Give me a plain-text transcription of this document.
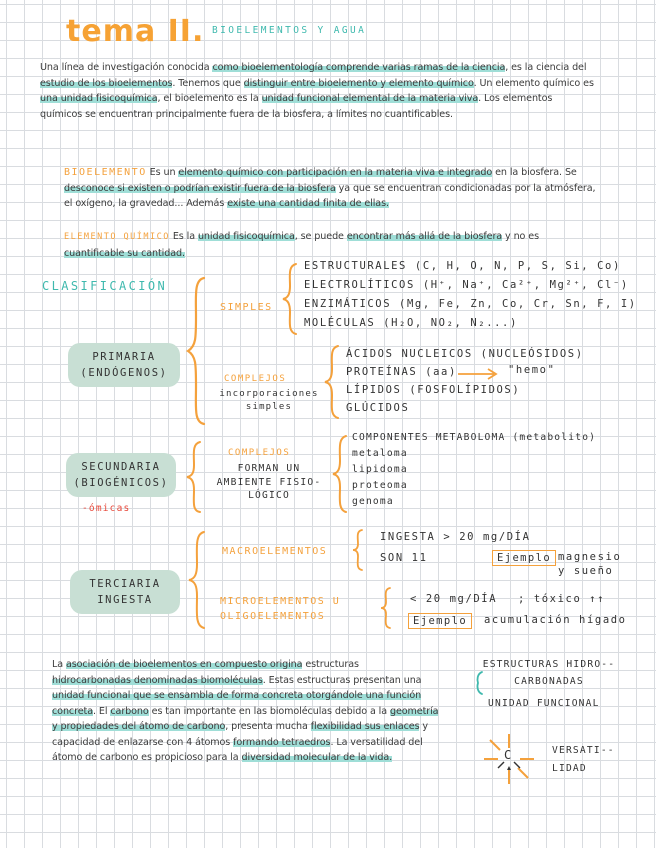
tema II. BIOELEMENTOS Y AGUA
Una línea de investigación conocida como bioelementología comprende varias ramas de la ciencia, es la ciencia del estudio de los bioelementos. Tenemos que distinguir entre bioelemento y elemento químico. Un elemento químico es una unidad fisicoquímica, el bioelemento es la unidad funcional elemental de la materia viva. Los elementos químicos se encuentran principalmente fuera de la biosfera, a límites no cuantificables.
BIOELEMENTO Es un elemento químico con participación en la materia viva e integrado en la biosfera. Se desconoce si existen o podrían existir fuera de la biosfera ya que se encuentran condicionadas por la atmósfera, el oxígeno, la gravedad... Además existe una cantidad finita de ellas.
ELEMENTO QUÍMICO Es la unidad fisicoquímica, se puede encontrar más allá de la biosfera y no es cuantificable su cantidad.
CLASIFICACIÓN
PRIMARIA (ENDÓGENOS)
SIMPLES
ESTRUCTURALES (C, H, O, N, P, S, Si, Co)
ELECTROLÍTICOS (H⁺, Na⁺, Ca²⁺, Mg²⁺, Cl⁻)
ENZIMÁTICOS (Mg, Fe, Zn, Co, Cr, Sn, F, I)
MOLÉCULAS (H₂O, NO₂, N₂...)
COMPLEJOS
incorporaciones simples
ÁCIDOS NUCLEICOS (NUCLEÓSIDOS)
PROTEÍNAS (aa)	"hemo"
LÍPIDOS (FOSFOLÍPIDOS)
GLÚCIDOS
SECUNDARIA (BIOGÉNICOS)
-ómicas
COMPLEJOS
FORMAN UN AMBIENTE FISIO-LÓGICO
COMPONENTES METABOLOMA (metabolito)
metaloma
lipidoma
proteoma
genoma
TERCIARIA INGESTA
MACROELEMENTOS
INGESTA > 20 mg/DÍA
SON 11	Ejemplo magnesio y sueño
MICROELEMENTOS U OLIGOELEMENTOS
< 20 mg/DÍA ; tóxico ↑↑
Ejemplo	acumulación hígado
La asociación de bioelementos en compuesto origina estructuras hidrocarbonadas denominadas biomoléculas. Estas estructuras presentan una unidad funcional que se ensambla de forma concreta otorgándole una función concreta. El carbono es tan importante en las biomoléculas debido a la geometría y propiedades del átomo de carbono, presenta mucha flexibilidad sus enlaces y capacidad de enlazarse con 4 átomos formando tetraedros. La versatilidad del átomo de carbono es propicioso para la diversidad molecular de la vida.
ESTRUCTURAS HIDRO--CARBONADAS
UNIDAD FUNCIONAL
C	VERSATI--LIDAD
